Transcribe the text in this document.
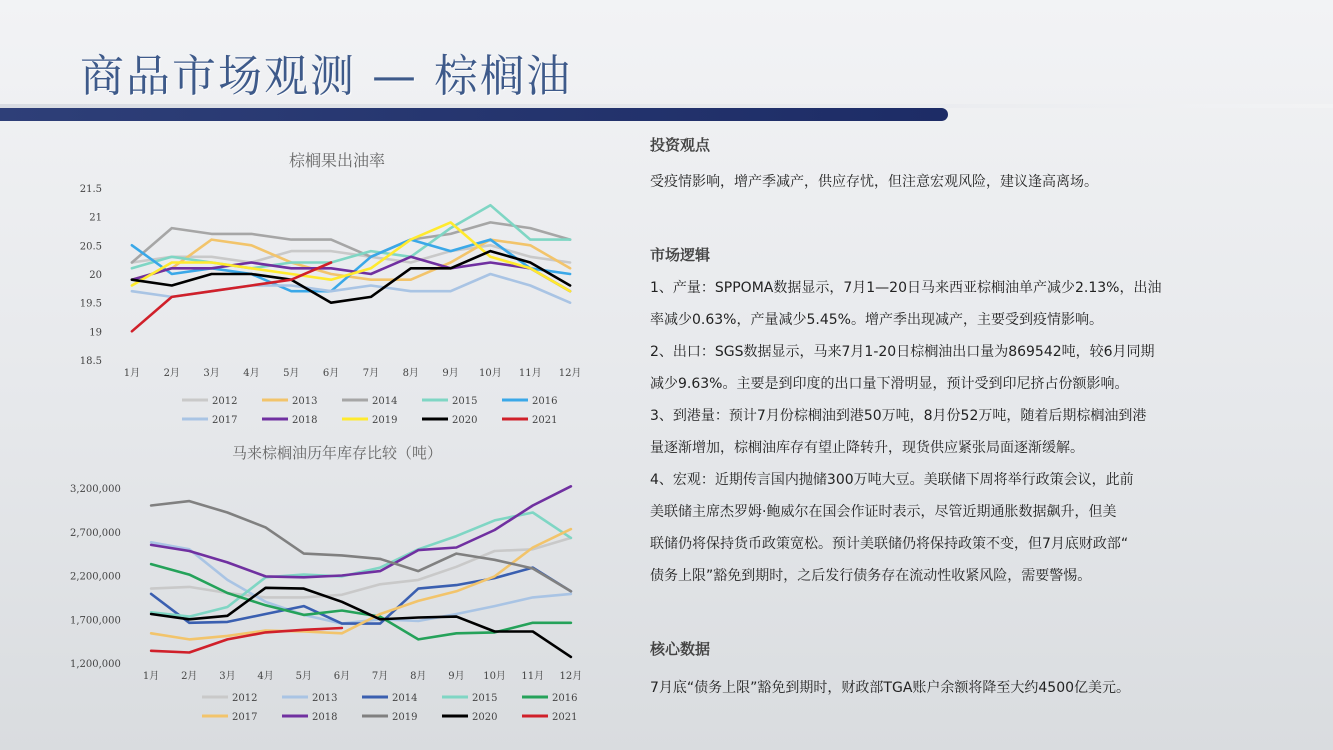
商品市场观测 — 棕榈油
棕榈果出油率
21.5
21
20.5
20
19.5
19
18.5
1月 2月 3月 4月 5月 6月 7月 8月 9月 10月 11月 12月
2012	2013	2014	2015	2016
2017	2018	2019	2020	2021
马来棕榈油历年库存比较（吨）
3,200,000
2,700,000
2,200,000
1,700,000
1,200,000
1月 2月 3月 4月 5月 6月 7月 8月 9月 10月 11月 12月
2012	2013	2014	2015	2016
2017	2018	2019	2020	2021
投资观点
受疫情影响，增产季减产，供应存忧，但注意宏观风险，建议逢高离场。
市场逻辑
1、产量：SPPOMA数据显示，7月1—20日马来西亚棕榈油单产减少2.13%，出油
率减少0.63%，产量减少5.45%。增产季出现减产，主要受到疫情影响。
2、出口：SGS数据显示，马来7月1-20日棕榈油出口量为869542吨，较6月同期
减少9.63%。主要是到印度的出口量下滑明显，预计受到印尼挤占份额影响。
3、到港量：预计7月份棕榈油到港50万吨，8月份52万吨，随着后期棕榈油到港
量逐渐增加，棕榈油库存有望止降转升，现货供应紧张局面逐渐缓解。
4、宏观：近期传言国内抛储300万吨大豆。美联储下周将举行政策会议，此前
美联储主席杰罗姆·鲍威尔在国会作证时表示，尽管近期通胀数据飙升，但美
联储仍将保持货币政策宽松。预计美联储仍将保持政策不变，但7月底财政部“
债务上限”豁免到期时，之后发行债务存在流动性收紧风险，需要警惕。
核心数据
7月底“债务上限”豁免到期时，财政部TGA账户余额将降至大约4500亿美元。
